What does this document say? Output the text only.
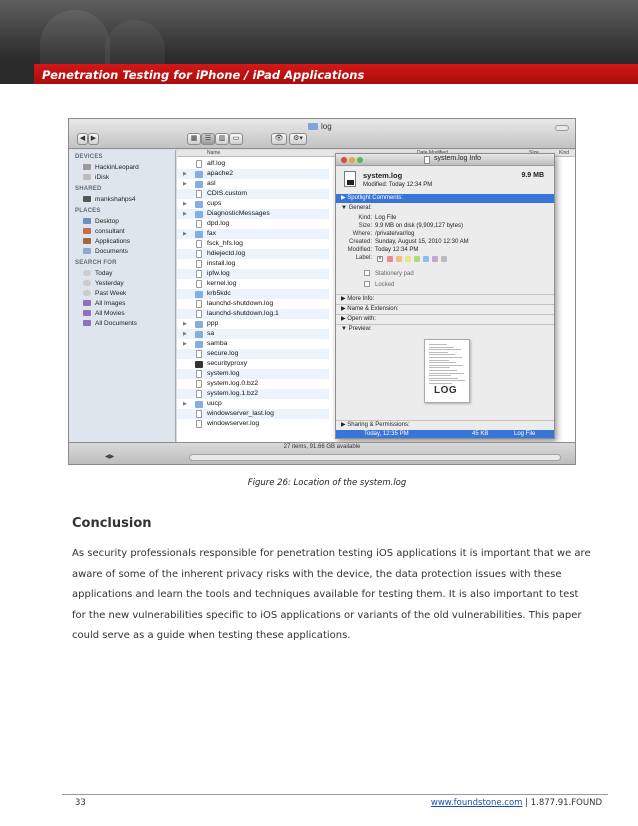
Penetration Testing for iPhone / iPad Applications
log
◀ ▶	▦	☰	▥	▭	👁	⚙▾
DEVICES
HackinLeopard
iDisk
SHARED
mankshahps4
PLACES
Desktop
consultant
Applications
Documents
SEARCH FOR
Today
Yesterday
Past Week
All Images
All Movies
All Documents
Name	Kind
alf.log
▶	apache2
▶	asl
CDIS.custom
▶	cups
▶	DiagnosticMessages
dpd.log
▶	fax
fsck_hfs.log
hdiejectd.log
install.log
ipfw.log
kernel.log
krb5kdc
launchd-shutdown.log
launchd-shutdown.log.1
▶	ppp
▶	sa
▶	samba
secure.log
securityproxy
system.log
system.log.0.bz2
system.log.1.bz2
▶	uucp
windowserver_last.log
windowserver.log
system.log Info
system.log
Modified: Today 12:34 PM
9.9 MB
▶ Spotlight Comments:
▼ General:
Kind: Log File
Size: 9.9 MB on disk (9,909,127 bytes)
Where: /private/var/log
Created: Sunday, August 15, 2010 12:30 AM
Modified: Today 12:34 PM
Label:	×
Stationery pad
Locked
▶ More Info:
▶ Name & Extension:
▶ Open with:
▼ Preview:
LOG
▶ Sharing & Permissions:
Today, 12:35 PM	45 KB	Log File
27 items, 91.66 GB available
◀▶
Figure 26: Location of the system.log
Conclusion
As security professionals responsible for penetration testing iOS applications it is important that we are aware of some of the inherent privacy risks with the device, the data protection issues with these applications and learn the tools and techniques available for testing them. It is also important to test for the new vulnerabilities specific to iOS applications or variants of the old vulnerabilities. This paper could serve as a guide when testing these applications.
33	www.foundstone.com | 1.877.91.FOUND
